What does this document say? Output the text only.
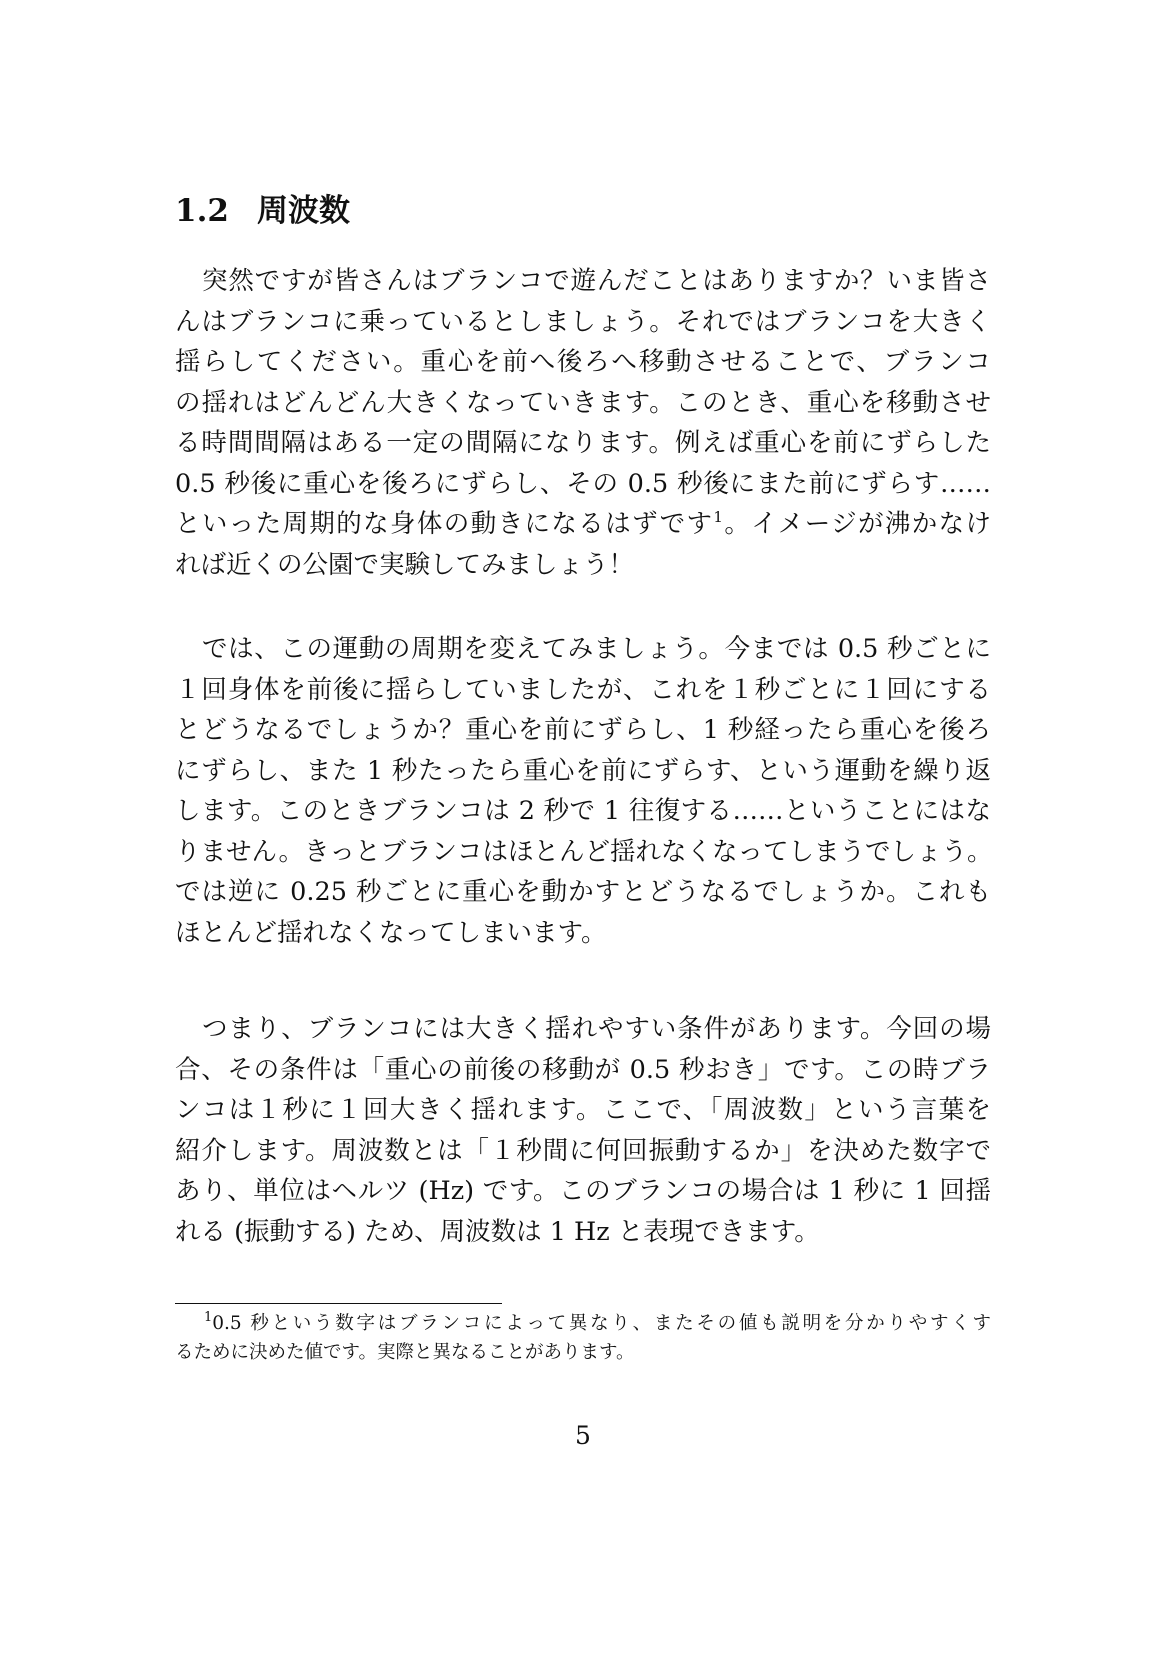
1.2 周波数

突然ですが皆さんはブランコで遊んだことはありますか？いま皆さ
んはブランコに乗っているとしましょう。それではブランコを大きく
揺らしてください。重心を前へ後ろへ移動させることで、ブランコ
の揺れはどんどん大きくなっていきます。このとき、重心を移動させ
る時間間隔はある一定の間隔になります。例えば重心を前にずらした
0.5 秒後に重心を後ろにずらし、その 0.5 秒後にまた前にずらす……
といった周期的な身体の動きになるはずです$^1$。イメージが沸かなけ
れば近くの公園で実験してみましょう！

では、この運動の周期を変えてみましょう。今までは 0.5 秒ごとに
１回身体を前後に揺らしていましたが、これを１秒ごとに１回にする
とどうなるでしょうか？重心を前にずらし、1 秒経ったら重心を後ろ
にずらし、また 1 秒たったら重心を前にずらす、という運動を繰り返
します。このときブランコは 2 秒で 1 往復する……ということにはな
りません。きっとブランコはほとんど揺れなくなってしまうでしょう。
では逆に 0.25 秒ごとに重心を動かすとどうなるでしょうか。これも
ほとんど揺れなくなってしまいます。

つまり、ブランコには大きく揺れやすい条件があります。今回の場
合、その条件は「重心の前後の移動が 0.5 秒おき」です。この時ブラ
ンコは１秒に１回大きく揺れます。ここで、「周波数」という言葉を
紹介します。周波数とは「１秒間に何回振動するか」を決めた数字で
あり、単位はヘルツ (Hz) です。このブランコの場合は 1 秒に 1 回揺
れる (振動する) ため、周波数は 1 Hz と表現できます。

$^1$0.5 秒という数字はブランコによって異なり、またその値も説明を分かりやすくす
るために決めた値です。実際と異なることがあります。
5
